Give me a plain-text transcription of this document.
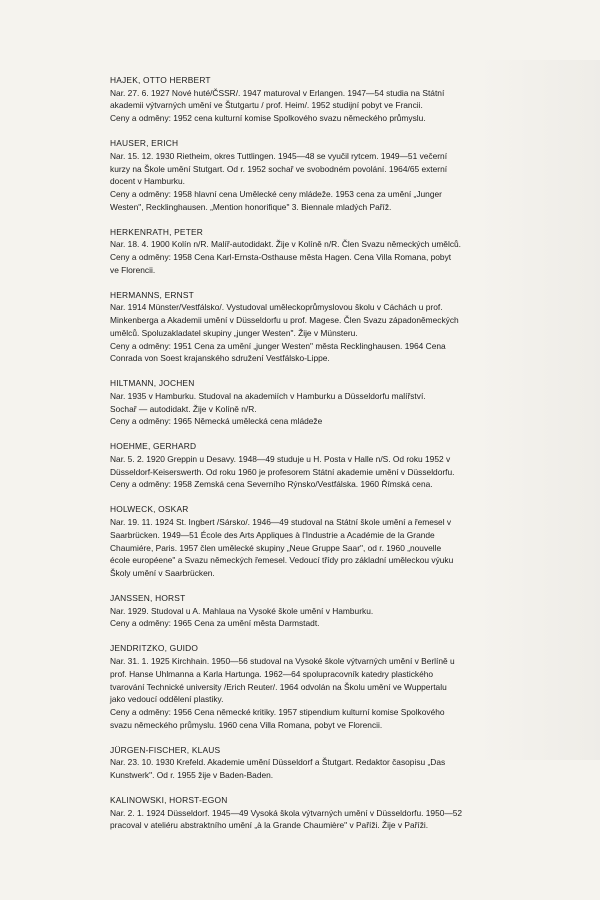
HAJEK, OTTO HERBERT
Nar. 27. 6. 1927 Nové huté/ČSSR/. 1947 maturoval v Erlangen. 1947—54 studia na Státní
akademii výtvarných umění ve Štutgartu / prof. Heim/. 1952 studijní pobyt ve Francii.
Ceny a odměny: 1952 cena kulturní komise Spolkového svazu německého průmyslu.
HAUSER, ERICH
Nar. 15. 12. 1930 Rietheim, okres Tuttlingen. 1945—48 se vyučil rytcem. 1949—51 večerní
kurzy na Škole umění Stutgart. Od r. 1952 sochař ve svobodném povolání. 1964/65 externí
docent v Hamburku.
Ceny a odměny: 1958 hlavní cena Umělecké ceny mládeže. 1953 cena za umění „Junger
Westen", Recklinghausen. „Mention honorifique" 3. Biennale mladých Paříž.
HERKENRATH, PETER
Nar. 18. 4. 1900 Kolín n/R. Malíř-autodidakt. Žije v Kolíně n/R. Člen Svazu německých umělců.
Ceny a odměny: 1958 Cena Karl-Ernsta-Osthause města Hagen. Cena Villa Romana, pobyt
ve Florencii.
HERMANNS, ERNST
Nar. 1914 Münster/Vestfálsko/. Vystudoval uměleckoprůmyslovou školu v Cáchách u prof.
Minkenberga a Akademii umění v Düsseldorfu u prof. Magese. Člen Svazu západoněmeckých
umělců. Spoluzakladatel skupiny „junger Westen". Žije v Münsteru.
Ceny a odměny: 1951 Cena za umění „junger Westen" města Recklinghausen. 1964 Cena
Conrada von Soest krajanského sdružení Vestfálsko-Lippe.
HILTMANN, JOCHEN
Nar. 1935 v Hamburku. Studoval na akademiích v Hamburku a Düsseldorfu malířství.
Sochař — autodidakt. Žije v Kolíně n/R.
Ceny a odměny: 1965 Německá umělecká cena mládeže
HOEHME, GERHARD
Nar. 5. 2. 1920 Greppin u Desavy. 1948—49 studuje u H. Posta v Halle n/S. Od roku 1952 v
Düsseldorf-Keiserswerth. Od roku 1960 je profesorem Státní akademie umění v Düsseldorfu.
Ceny a odměny: 1958 Zemská cena Severního Rýnsko/Vestfálska. 1960 Římská cena.
HOLWECK, OSKAR
Nar. 19. 11. 1924 St. Ingbert /Sársko/. 1946—49 studoval na Státní škole umění a řemesel v
Saarbrücken. 1949—51 École des Arts Appliques à l'Industrie a Académie de la Grande
Chaumiére, Paris. 1957 člen umělecké skupiny „Neue Gruppe Saar", od r. 1960 „nouvelle
école européene" a Svazu německých řemesel. Vedoucí třídy pro základní uměleckou výuku
Školy umění v Saarbrücken.
JANSSEN, HORST
Nar. 1929. Studoval u A. Mahlaua na Vysoké škole umění v Hamburku.
Ceny a odměny: 1965 Cena za umění města Darmstadt.
JENDRITZKO, GUIDO
Nar. 31. 1. 1925 Kirchhain. 1950—56 studoval na Vysoké škole výtvarných umění v Berlíně u
prof. Hanse Uhlmanna a Karla Hartunga. 1962—64 spolupracovník katedry plastického
tvarování Technické university /Erich Reuter/. 1964 odvolán na Školu umění ve Wuppertalu
jako vedoucí oddělení plastiky.
Ceny a odměny: 1956 Cena německé kritiky. 1957 stipendium kulturní komise Spolkového
svazu německého průmyslu. 1960 cena Villa Romana, pobyt ve Florencii.
JÜRGEN-FISCHER, KLAUS
Nar. 23. 10. 1930 Krefeld. Akademie umění Düsseldorf a Štutgart. Redaktor časopisu „Das
Kunstwerk". Od r. 1955 žije v Baden-Baden.
KALINOWSKI, HORST-EGON
Nar. 2. 1. 1924 Düsseldorf. 1945—49 Vysoká škola výtvarných umění v Düsseldorfu. 1950—52
pracoval v ateliéru abstraktního umění „à la Grande Chaumière" v Paříži. Žije v Paříži.
